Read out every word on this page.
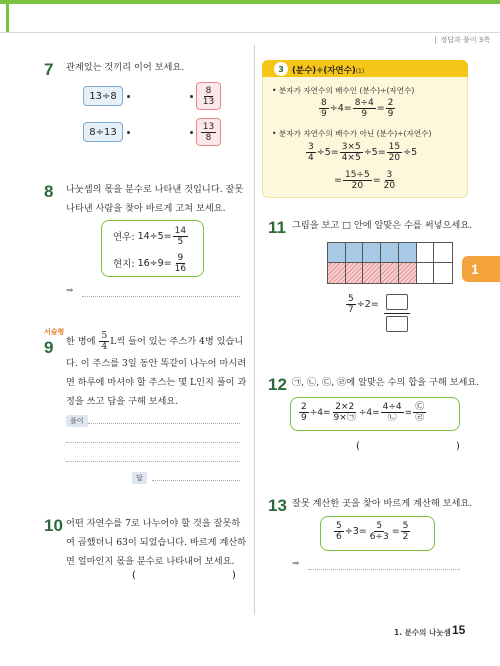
정답과 풀이 3쪽
7 관계있는 것끼리 이어 보세요.
13÷8
8÷13
$\frac{8}{13}$
$\frac{13}{8}$
8 나눗셈의 몫을 분수로 나타낸 것입니다. 잘못
나타낸 사람을 찾아 바르게 고쳐 보세요.
연우:
$14\div 5= \frac{14}{5}$
현지:
$16\div 9= \frac{9}{16}$
➡
서술형
9 한 병에
$\frac{5}{4}$ L씩 들어 있는 주스가 4병 있습니
다. 이 주스를 3일 동안 똑같이 나누어 마시려
면 하루에 마셔야 할 주스는 몇 L인지 풀이 과
정을 쓰고 답을 구해 보세요.
풀이
답
10 어떤 자연수를 7로 나누어야 할 것을 잘못하
여 곱했더니 63이 되었습니다. 바르게 계산하
면 얼마인지 몫을 분수로 나타내어 보세요.
(	)
3 (분수)÷(자연수)(1)
• 분자가 자연수의 배수인 (분수)÷(자연수)
$\frac{8}{9} \div 4= \frac{8\div 4}{9} = \frac{2}{9}$
• 분자가 자연수의 배수가 아닌 (분수)÷(자연수)
$\frac{3}{4} \div 5= \frac{3\times 5}{4\times 5} \div 5= \frac{15}{20} \div 5$
= $\frac{15\div 5}{20} = \frac{3}{20}$
1
11 그림을 보고 □ 안에 알맞은 수를 써넣으세요.
$\frac{5}{7} \div 2=$
12 ㉠, ㉡, ㉢, ㉣에 알맞은 수의 합을 구해 보세요.
$\frac{2}{9} \div 4= \frac{2\times 2}{9\times㉠} \div 4= \frac{4\div 4}{㉡} = \frac{㉢}{㉣}$
(	)
13 잘못 계산한 곳을 찾아 바르게 계산해 보세요.
$\frac{5}{6} \div 3= \frac{5}{6\div 3} = \frac{5}{2}$
➡
1. 분수의 나눗셈 15
